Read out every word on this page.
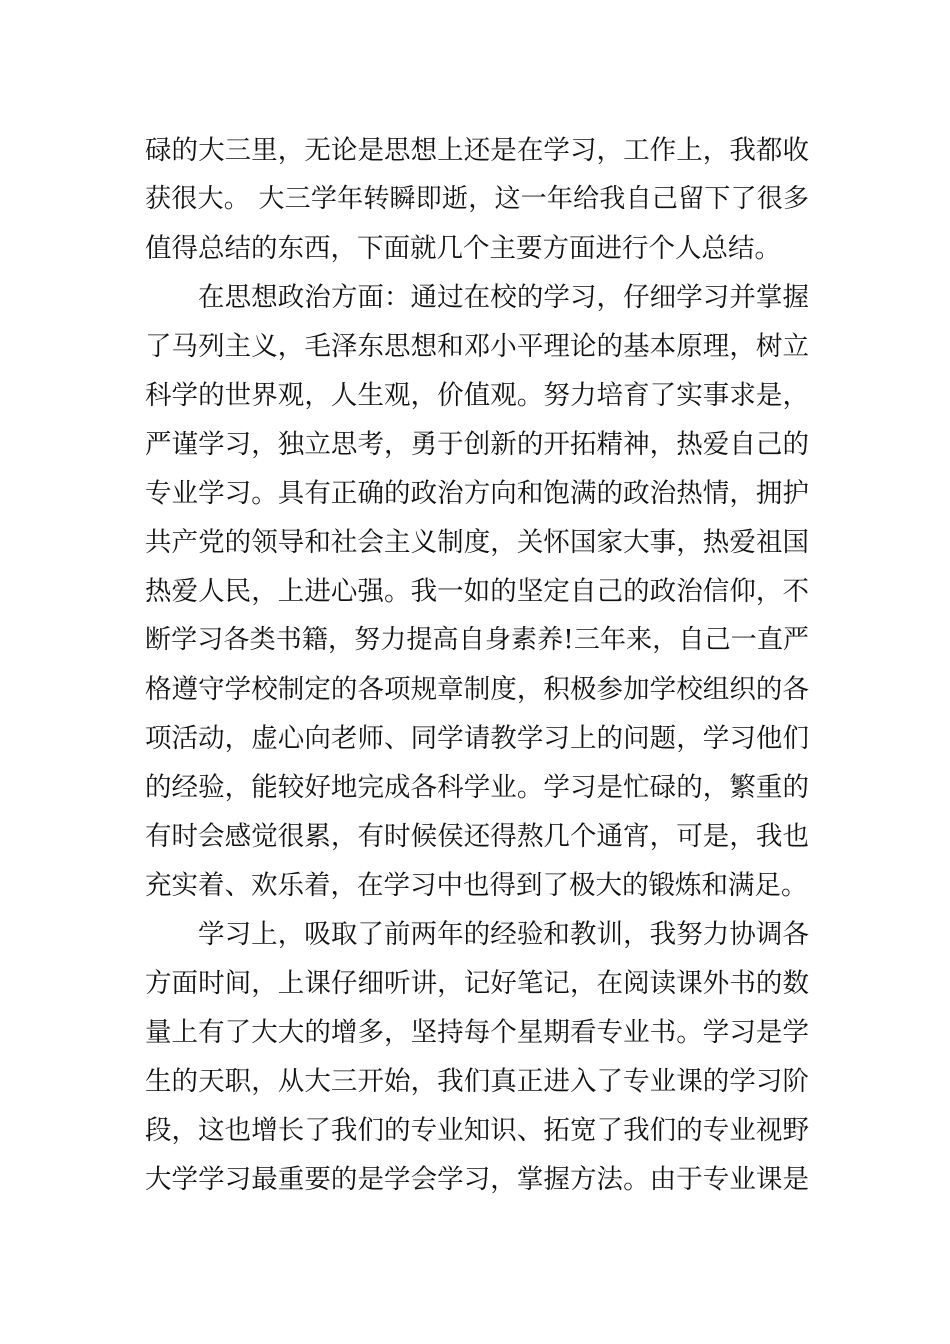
碌的大三里，无论是思想上还是在学习，工作上，我都收
获很大。 大三学年转瞬即逝，这一年给我自己留下了很多
值得总结的东西，下面就几个主要方面进行个人总结。
在思想政治方面：通过在校的学习，仔细学习并掌握
了马列主义，毛泽东思想和邓小平理论的基本原理，树立
科学的世界观，人生观，价值观。努力培育了实事求是，
严谨学习，独立思考，勇于创新的开拓精神，热爱自己的
专业学习。具有正确的政治方向和饱满的政治热情，拥护
共产党的领导和社会主义制度，关怀国家大事，热爱祖国
热爱人民，上进心强。我一如的坚定自己的政治信仰，不
断学习各类书籍，努力提高自身素养!三年来，自己一直严
格遵守学校制定的各项规章制度，积极参加学校组织的各
项活动，虚心向老师、同学请教学习上的问题，学习他们
的经验，能较好地完成各科学业。学习是忙碌的，繁重的
有时会感觉很累，有时候侯还得熬几个通宵，可是，我也
充实着、欢乐着，在学习中也得到了极大的锻炼和满足。
学习上，吸取了前两年的经验和教训，我努力协调各
方面时间，上课仔细听讲，记好笔记，在阅读课外书的数
量上有了大大的增多，坚持每个星期看专业书。学习是学
生的天职，从大三开始，我们真正进入了专业课的学习阶
段，这也增长了我们的专业知识、拓宽了我们的专业视野
大学学习最重要的是学会学习，掌握方法。由于专业课是
